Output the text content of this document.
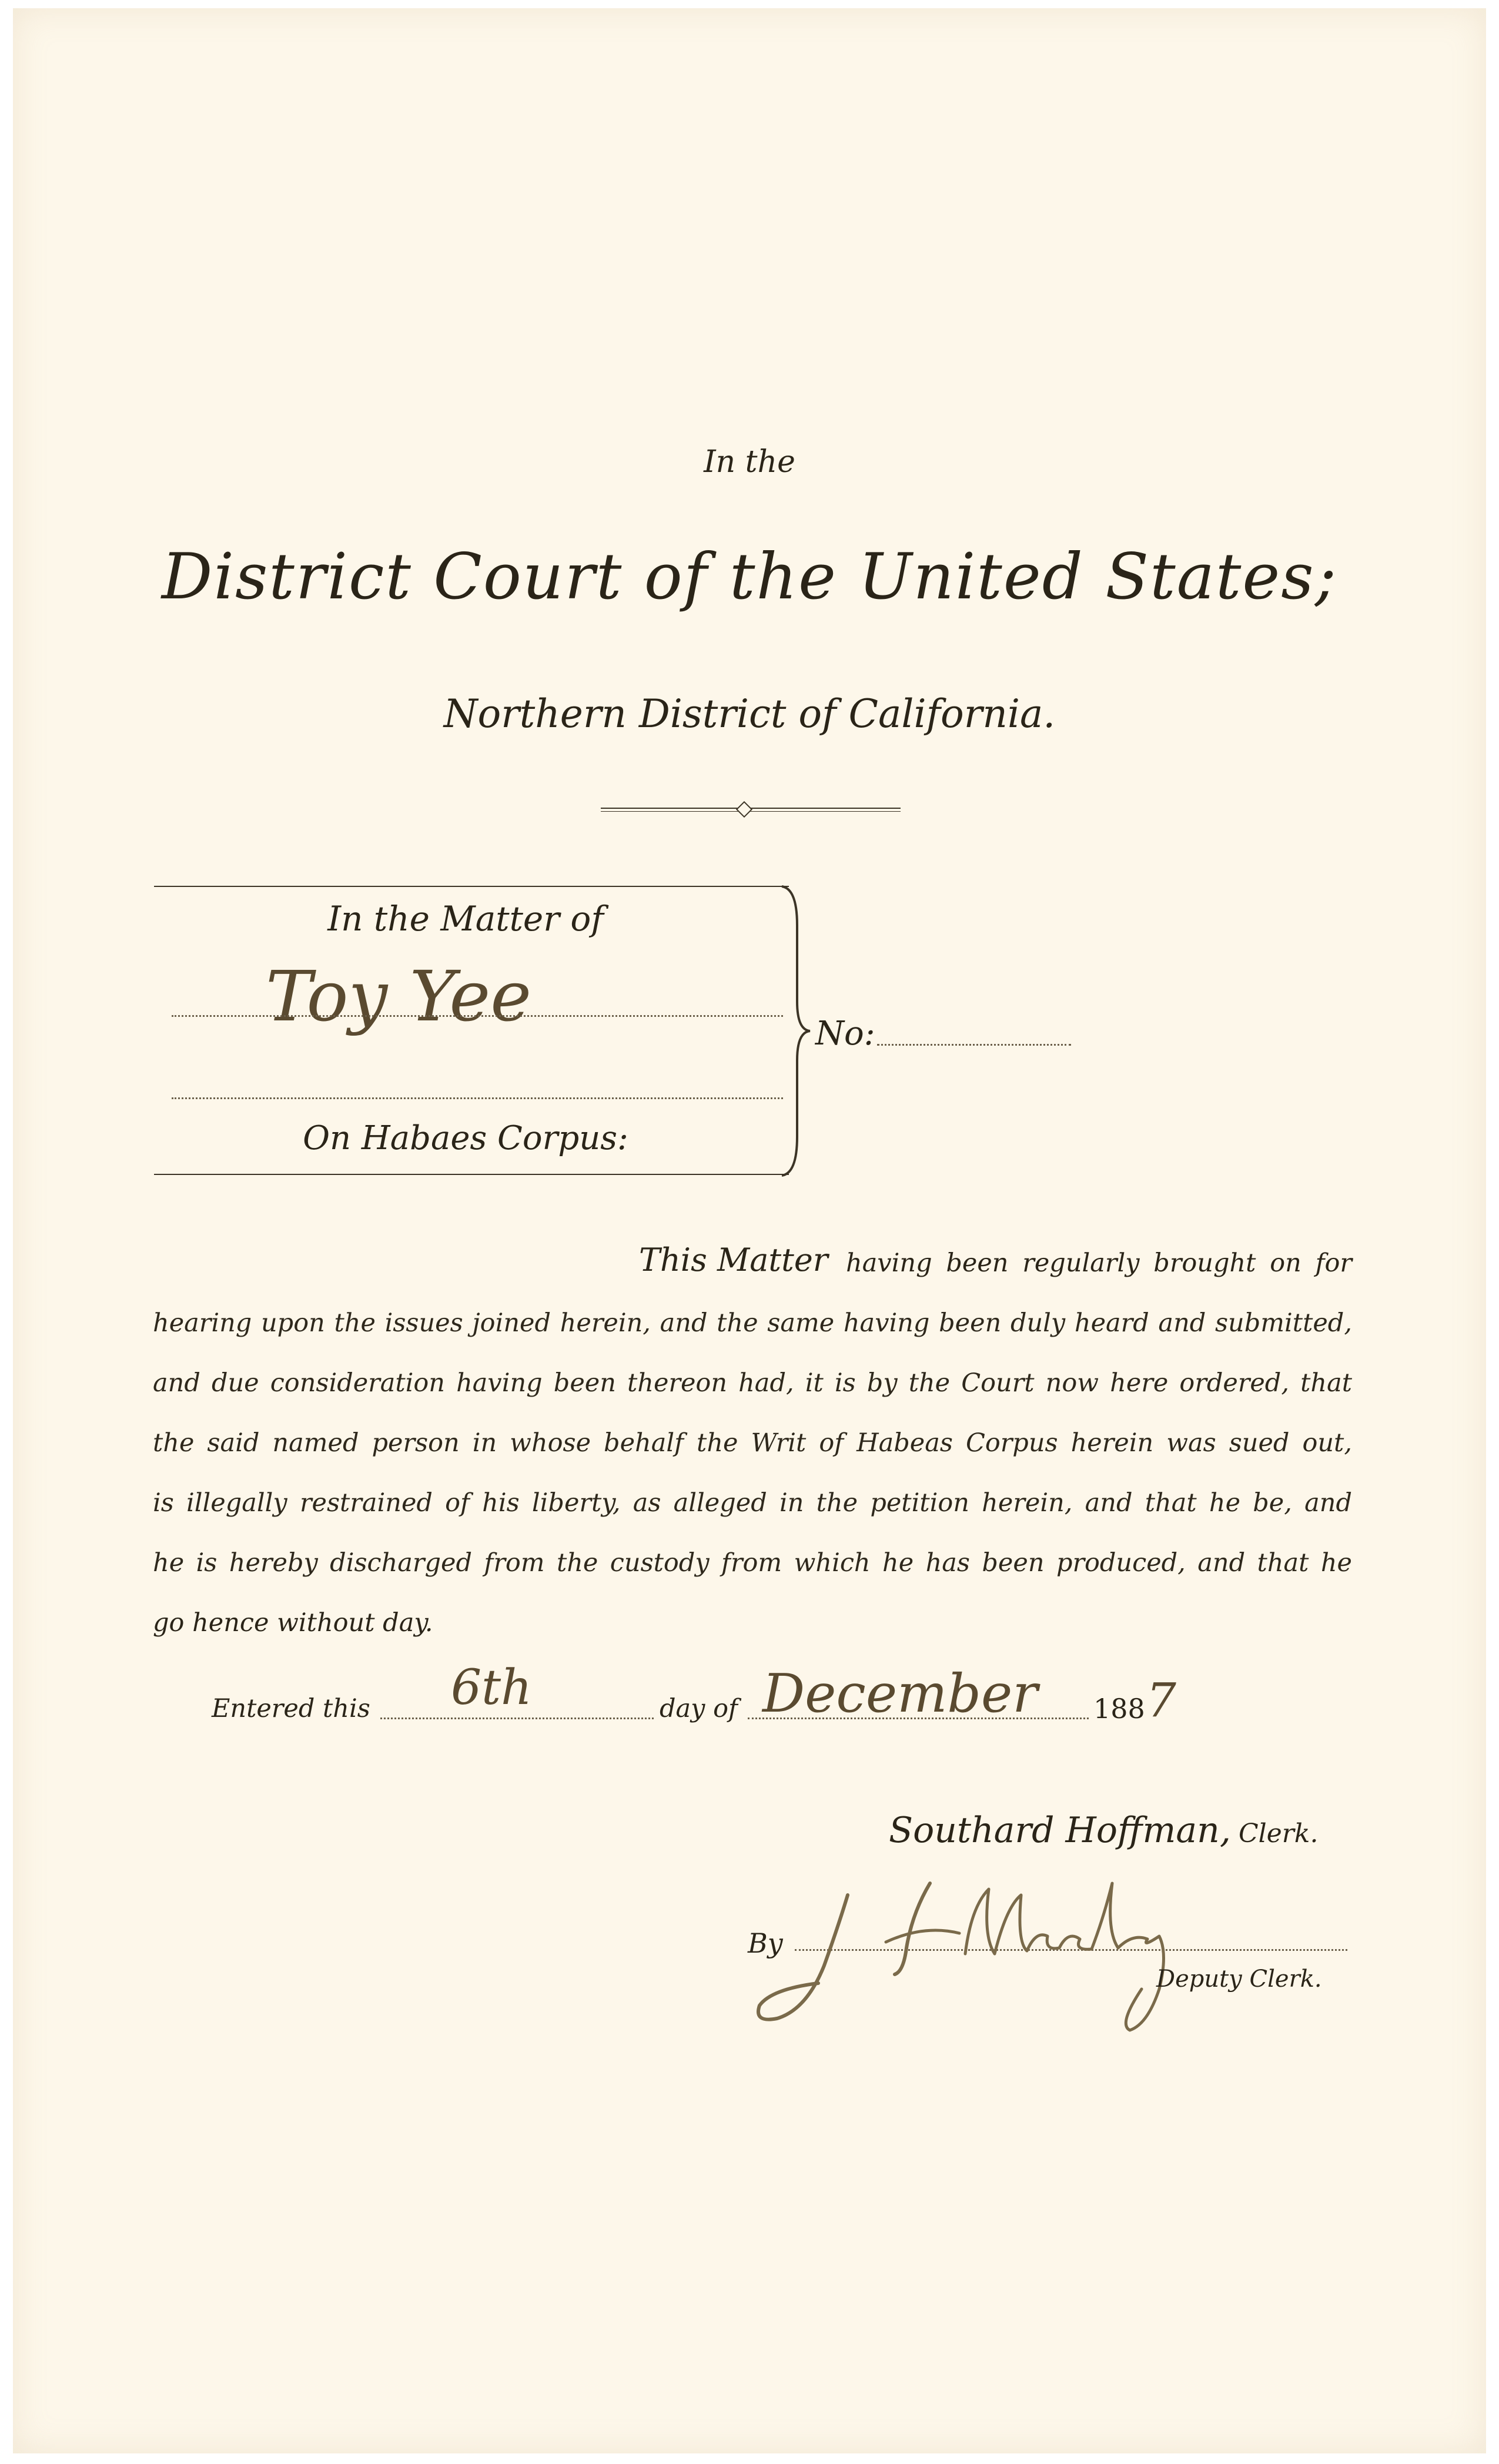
In the
District Court of the United States;
Northern District of California.
In the Matter of
Toy Yee
On Habaes Corpus:
No:
This Matter having been regularly brought on for
hearing upon the issues joined herein, and the same having been duly heard and submitted,
and due consideration having been thereon had, it is by the Court now here ordered, that
the said named person in whose behalf the Writ of Habeas Corpus herein was sued out,
is illegally restrained of his liberty, as alleged in the petition herein, and that he be, and
he is hereby discharged from the custody from which he has been produced, and that he
go hence without day.
Entered this 6th	day of December 188 7
Southard Hoffman, Clerk.
By
J. S. Manley
Deputy Clerk.
